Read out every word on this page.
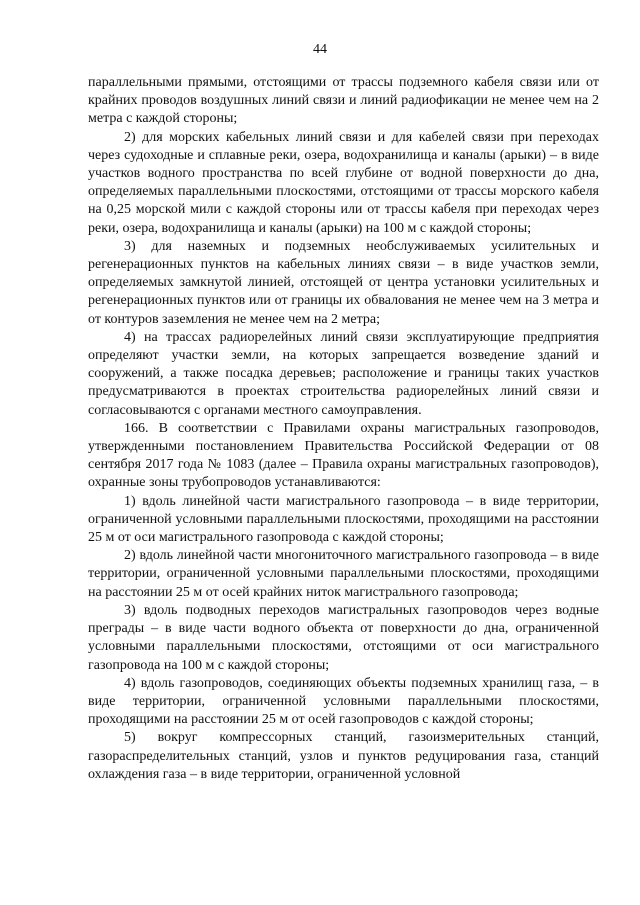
44

параллельными прямыми, отстоящими от трассы подземного кабеля связи или от крайних проводов воздушных линий связи и линий радиофикации не менее чем на 2 метра с каждой стороны;

2) для морских кабельных линий связи и для кабелей связи при переходах через судоходные и сплавные реки, озера, водохранилища и каналы (арыки) – в виде участков водного пространства по всей глубине от водной поверхности до дна, определяемых параллельными плоскостями, отстоящими от трассы морского кабеля на 0,25 морской мили с каждой стороны или от трассы кабеля при переходах через реки, озера, водохранилища и каналы (арыки) на 100 м с каждой стороны;

3) для наземных и подземных необслуживаемых усилительных и регенерационных пунктов на кабельных линиях связи – в виде участков земли, определяемых замкнутой линией, отстоящей от центра установки усилительных и регенерационных пунктов или от границы их обвалования не менее чем на 3 метра и от контуров заземления не менее чем на 2 метра;

4) на трассах радиорелейных линий связи эксплуатирующие предприятия определяют участки земли, на которых запрещается возведение зданий и сооружений, а также посадка деревьев; расположение и границы таких участков предусматриваются в проектах строительства радиорелейных линий связи и согласовываются с органами местного самоуправления.

166. В соответствии с Правилами охраны магистральных газопроводов, утвержденными постановлением Правительства Российской Федерации от 08 сентября 2017 года № 1083 (далее – Правила охраны магистральных газопроводов), охранные зоны трубопроводов устанавливаются:

1) вдоль линейной части магистрального газопровода – в виде территории, ограниченной условными параллельными плоскостями, проходящими на расстоянии 25 м от оси магистрального газопровода с каждой стороны;

2) вдоль линейной части многониточного магистрального газопровода – в виде территории, ограниченной условными параллельными плоскостями, проходящими на расстоянии 25 м от осей крайних ниток магистрального газопровода;

3) вдоль подводных переходов магистральных газопроводов через водные преграды – в виде части водного объекта от поверхности до дна, ограниченной условными параллельными плоскостями, отстоящими от оси магистрального газопровода на 100 м с каждой стороны;

4) вдоль газопроводов, соединяющих объекты подземных хранилищ газа, – в виде территории, ограниченной условными параллельными плоскостями, проходящими на расстоянии 25 м от осей газопроводов с каждой стороны;

5) вокруг компрессорных станций, газоизмерительных станций, газораспределительных станций, узлов и пунктов редуцирования газа, станций охлаждения газа – в виде территории, ограниченной условной
